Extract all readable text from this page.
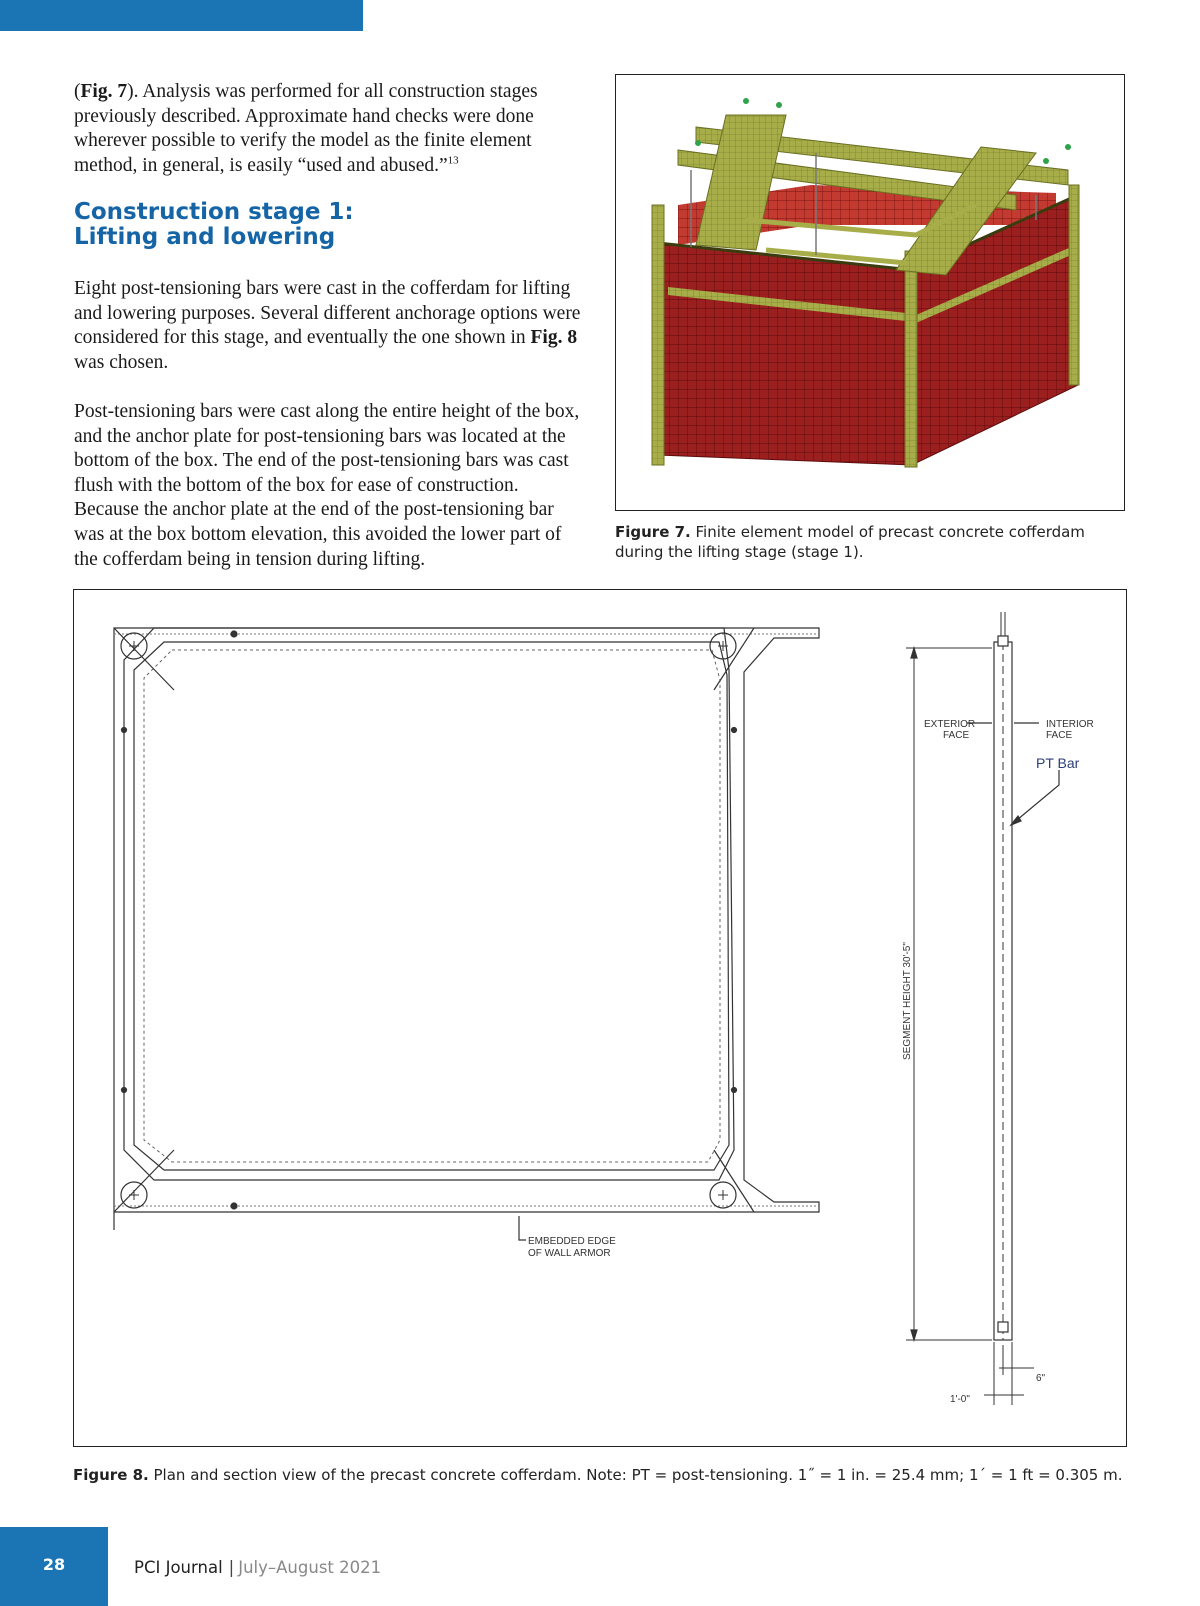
(Fig. 7). Analysis was performed for all construction stages previously described. Approximate hand checks were done wherever possible to verify the model as the finite element method, in general, is easily “used and abused.”$^{13}$

Construction stage 1:
Lifting and lowering

Eight post-tensioning bars were cast in the cofferdam for lifting and lowering purposes. Several different anchorage options were considered for this stage, and eventually the one shown in Fig. 8 was chosen.

Post-tensioning bars were cast along the entire height of the box, and the anchor plate for post-tensioning bars was located at the bottom of the box. The end of the post-tensioning bars was cast flush with the bottom of the box for ease of construction. Because the anchor plate at the end of the post-tensioning bar was at the box bottom elevation, this avoided the lower part of the cofferdam being in tension during lifting.

Figure 7. Finite element model of precast concrete cofferdam during the lifting stage (stage 1).

EMBEDDED EDGE
OF WALL ARMOR
EXTERIOR
FACE
INTERIOR
FACE
PT Bar
SEGMENT HEIGHT 30'-5"
6"
1'-0"

Figure 8. Plan and section view of the precast concrete cofferdam. Note: PT = post-tensioning. 1˝ = 1 in. = 25.4 mm; 1´ = 1 ft = 0.305 m.

28	PCI Journal | July–August 2021
